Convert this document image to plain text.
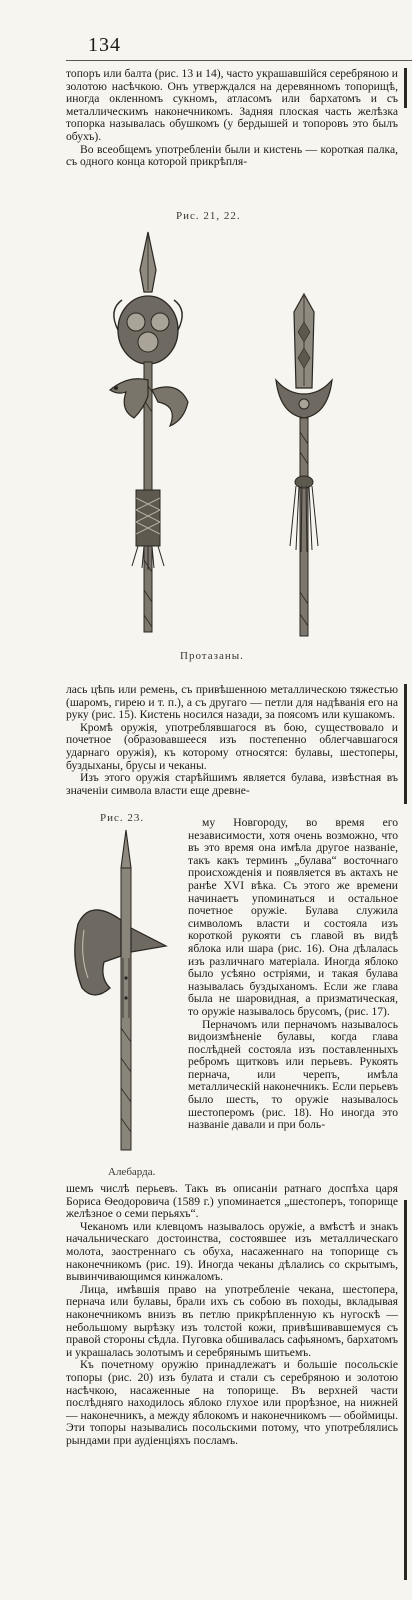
134

топоръ или балта (рис. 13 и 14), часто украшавшійся серебряною и золотою насѣчкою. Онъ утверждался на деревянномъ топорищѣ, иногда окленномъ сукномъ, атласомъ или бархатомъ и съ металлическимъ наконечникомъ. Задняя плоская часть желѣзка топорка называлась обушкомъ (у бердышей и топоровъ это былъ обухъ).

Во всеобщемъ употребленіи были и кистень — короткая палка, съ одного конца которой прикрѣпля-

Рис. 21, 22.
Протазаны.

лась цѣпь или ремень, съ привѣшенною металлическою тяжестью (шаромъ, гирею и т. п.), а съ другаго — петли для надѣванія его на руку (рис. 15). Кистень носился назади, за поясомъ или кушакомъ.

Кромѣ оружія, употреблявшагося въ бою, существовало и почетное (образовавшееся изъ постепенно облегчавшагося ударнаго оружія), къ которому относятся: булавы, шестоперы, буздыханы, брусы и чеканы.

Изъ этого оружія старѣйшимъ является булава, извѣстная въ значеніи символа власти еще древне-

Рис. 23.
Алебарда.

му Новгороду, во время его независимости, хотя очень возможно, что въ это время она имѣла другое названіе, такъ какъ терминъ „булава“ восточнаго происхожденія и появляется въ актахъ не ранѣе XVI вѣка. Съ этого же времени начинаетъ упоминаться и остальное почетное оружіе. Булава служила символомъ власти и состояла изъ короткой рукояти съ главой въ видѣ яблока или шара (рис. 16). Она дѣлалась изъ различнаго матеріала. Иногда яблоко было усѣяно остріями, и такая булава называлась буздыханомъ. Если же глава была не шаровидная, а призматическая, то оружіе называлось брусомъ, (рис. 17).

Перначомъ или перначомъ называлось видоизмѣненіе булавы, когда глава послѣдней состояла изъ поставленныхъ ребромъ щитковъ или перьевъ. Рукоять пернача, или черепъ, имѣла металлическій наконечникъ. Если перьевъ было шесть, то оружіе называлось шестоперомъ (рис. 18). Но иногда это названіе давали и при боль-

шемъ числѣ перьевъ. Такъ въ описаніи ратнаго доспѣха царя Бориса Ѳеодоровича (1589 г.) упоминается „шестоперъ, топорище желѣзное о семи перьяхъ“.

Чеканомъ или клевцомъ называлось оружіе, а вмѣстѣ и знакъ начальническаго достоинства, состоявшее изъ металлическаго молота, заостреннаго съ обуха, насаженнаго на топорище съ наконечникомъ (рис. 19). Иногда чеканы дѣлались со скрытымъ, вывинчивающимся кинжаломъ.

Лица, имѣвшія право на употребленіе чекана, шестопера, пернача или булавы, брали ихъ съ собою въ походы, вкладывая наконечникомъ внизъ въ петлю прикрѣпленную къ нугоскѣ — небольшому вырѣзку изъ толстой кожи, привѣшивавшемуся съ правой стороны сѣдла. Пуговка обшивалась сафьяномъ, бархатомъ и украшалась золотымъ и серебрянымъ шитьемъ.

Къ почетному оружію принадлежатъ и большіе посольскіе топоры (рис. 20) изъ булата и стали съ серебряною и золотою насѣчкою, насаженные на топорище. Въ верхней части послѣдняго находилось яблоко глухое или прорѣзное, на нижней — наконечникъ, а между яблокомъ и наконечникомъ — обоймицы. Эти топоры назывались посольскими потому, что употреблялись рындами при аудіенціяхъ посламъ.
